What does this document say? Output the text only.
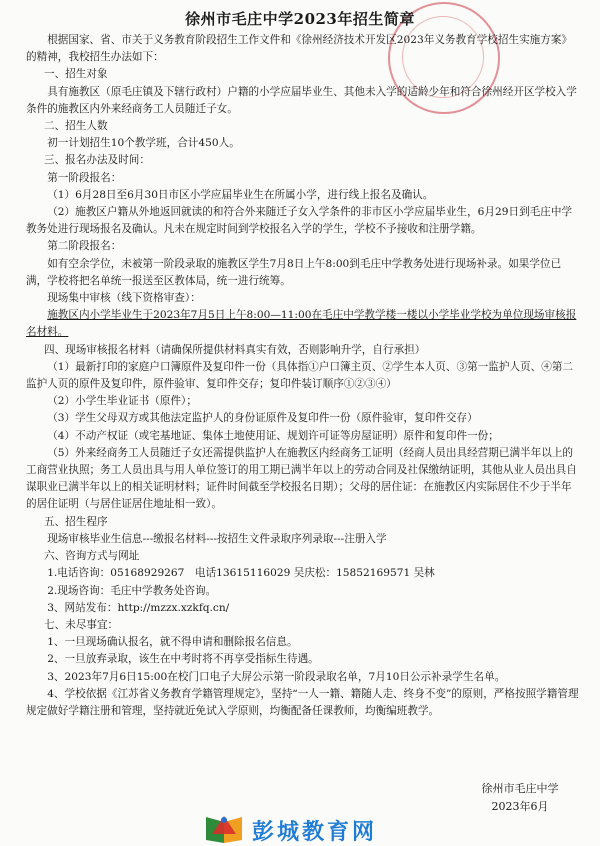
徐州市毛庄中学2023年招生简章

根据国家、省、市关于义务教育阶段招生工作文件和《徐州经济技术开发区2023年义务教育学校招生实施方案》的精神，我校招生办法如下：

一、招生对象

具有施教区（原毛庄镇及下辖行政村）户籍的小学应届毕业生、其他未入学的适龄少年和符合徐州经开区学校入学条件的施教区内外来经商务工人员随迁子女。

二、招生人数

初一计划招生10个教学班，合计450人。

三、报名办法及时间：

第一阶段报名：

（1）6月28日至6月30日市区小学应届毕业生在所属小学，进行线上报名及确认。

（2）施教区户籍从外地返回就读的和符合外来随迁子女入学条件的非市区小学应届毕业生，6月29日到毛庄中学教务处进行现场报名及确认。凡未在规定时间到学校报名入学的学生，学校不予接收和注册学籍。

第二阶段报名：

如有空余学位，未被第一阶段录取的施教区学生7月8日上午8:00到毛庄中学教务处进行现场补录。如果学位已满，学校将把名单统一报送至区教体局，统一进行统筹。

现场集中审核（线下资格审查）：

施教区内小学毕业生于2023年7月5日上午8:00—11:00在毛庄中学教学楼一楼以小学毕业学校为单位现场审核报名材料。

四、现场审核报名材料（请确保所提供材料真实有效，否则影响升学，自行承担）

（1）最新打印的家庭户口簿原件及复印件一份（具体指①户口簿主页、②学生本人页、③第一监护人页、④第二监护人页的原件及复印件，原件验审、复印件交存；复印件装订顺序①②③④）

（2）小学生毕业证书（原件）；

（3）学生父母双方或其他法定监护人的身份证原件及复印件一份（原件验审，复印件交存）

（4）不动产权证（或宅基地证、集体土地使用证、规划许可证等房屋证明）原件和复印件一份；

（5）外来经商务工人员随迁子女还需提供监护人在施教区内经商务工证明（经商人员出具经营期已满半年以上的工商营业执照；务工人员出具与用人单位签订的用工期已满半年以上的劳动合同及社保缴纳证明，其他从业人员出具自谋职业已满半年以上的相关证明材料；证件时间截至学校报名日期）；父母的居住证：在施教区内实际居住不少于半年的居住证明（与居住证居住地址相一致）。

五、招生程序

现场审核毕业生信息---缴报名材料---按招生文件录取序列录取---注册入学

六、咨询方式与网址

1.电话咨询：05168929267　电话13615116029 吴庆松：15852169571 吴林

2.现场咨询：毛庄中学教务处咨询。

3、网站发布：http://mzzx.xzkfq.cn/

七、未尽事宜：

1、一旦现场确认报名，就不得申请和删除报名信息。

2、一旦放弃录取，该生在中考时将不再享受指标生待遇。

3、2023年7月6日15:00在校门口电子大屏公示第一阶段录取名单，7月10日公示补录学生名单。

4、学校依据《江苏省义务教育学籍管理规定》，坚持“一人一籍、籍随人走、终身不变”的原则，严格按照学籍管理规定做好学籍注册和管理，坚持就近免试入学原则，均衡配备任课教师，均衡编班教学。

徐州市毛庄中学
2023年6月
彭城教育网
